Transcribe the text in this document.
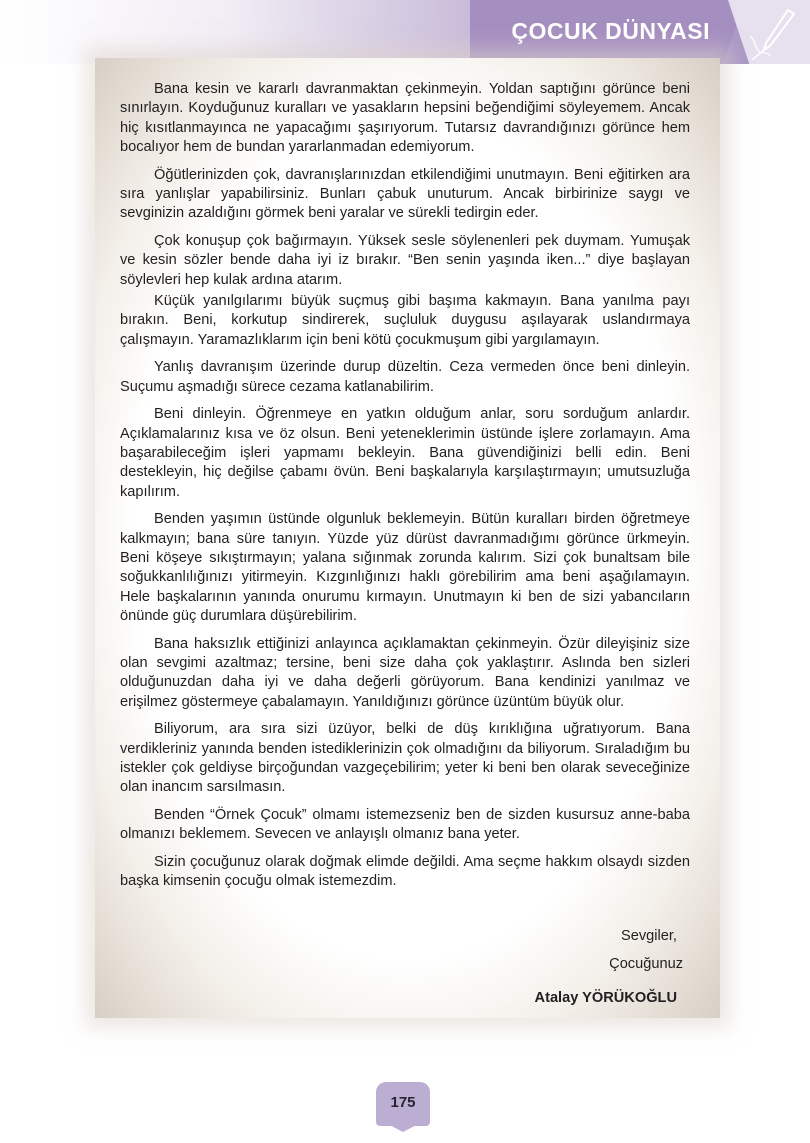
ÇOCUK DÜNYASI

Bana kesin ve kararlı davranmaktan çekinmeyin. Yoldan saptığını görünce beni sınırlayın. Koyduğunuz kuralları ve yasakların hepsini beğendiğimi söyleyemem. Ancak hiç kısıtlanmayınca ne yapacağımı şaşırıyorum. Tutarsız davrandığınızı görünce hem bocalıyor hem de bundan yararlanmadan edemiyorum.

Öğütlerinizden çok, davranışlarınızdan etkilendiğimi unutmayın. Beni eğitirken ara sıra yanlışlar yapabilirsiniz. Bunları çabuk unuturum. Ancak birbirinize saygı ve sevginizin azaldığını görmek beni yaralar ve sürekli tedirgin eder.

Çok konuşup çok bağırmayın. Yüksek sesle söylenenleri pek duymam. Yumuşak ve kesin sözler bende daha iyi iz bırakır. “Ben senin yaşında iken...” diye başlayan söylevleri hep kulak ardına atarım.

Küçük yanılgılarımı büyük suçmuş gibi başıma kakmayın. Bana yanılma payı bırakın. Beni, korkutup sindirerek, suçluluk duygusu aşılayarak uslandırmaya çalışmayın. Yaramazlıklarım için beni kötü çocukmuşum gibi yargılamayın.

Yanlış davranışım üzerinde durup düzeltin. Ceza vermeden önce beni dinleyin. Suçumu aşmadığı sürece cezama katlanabilirim.

Beni dinleyin. Öğrenmeye en yatkın olduğum anlar, soru sorduğum anlardır. Açıklamalarınız kısa ve öz olsun. Beni yeteneklerimin üstünde işlere zorlamayın. Ama başarabileceğim işleri yapmamı bekleyin. Bana güvendiğinizi belli edin. Beni destekleyin, hiç değilse çabamı övün. Beni başkalarıyla karşılaştırmayın; umutsuzluğa kapılırım.

Benden yaşımın üstünde olgunluk beklemeyin. Bütün kuralları birden öğretmeye kalkmayın; bana süre tanıyın. Yüzde yüz dürüst davranmadığımı görünce ürkmeyin. Beni köşeye sıkıştırmayın; yalana sığınmak zorunda kalırım. Sizi çok bunaltsam bile soğukkanlılığınızı yitirmeyin. Kızgınlığınızı haklı görebilirim ama beni aşağılamayın. Hele başkalarının yanında onurumu kırmayın. Unutmayın ki ben de sizi yabancıların önünde güç durumlara düşürebilirim.

Bana haksızlık ettiğinizi anlayınca açıklamaktan çekinmeyin. Özür dileyişiniz size olan sevgimi azaltmaz; tersine, beni size daha çok yaklaştırır. Aslında ben sizleri olduğunuzdan daha iyi ve daha değerli görüyorum. Bana kendinizi yanılmaz ve erişilmez göstermeye çabalamayın. Yanıldığınızı görünce üzüntüm büyük olur.

Biliyorum, ara sıra sizi üzüyor, belki de düş kırıklığına uğratıyorum. Bana verdikleriniz yanında benden istediklerinizin çok olmadığını da biliyorum. Sıraladığım bu istekler çok geldiyse birçoğundan vazgeçebilirim; yeter ki beni ben olarak seveceğinize olan inancım sarsılmasın.

Benden “Örnek Çocuk” olmamı istemezseniz ben de sizden kusursuz anne-baba olmanızı beklemem. Sevecen ve anlayışlı olmanız bana yeter.

Sizin çocuğunuz olarak doğmak elimde değildi. Ama seçme hakkım olsaydı sizden başka kimsenin çocuğu olmak istemezdim.

Sevgiler,
Çocuğunuz
Atalay YÖRÜKOĞLU
175
